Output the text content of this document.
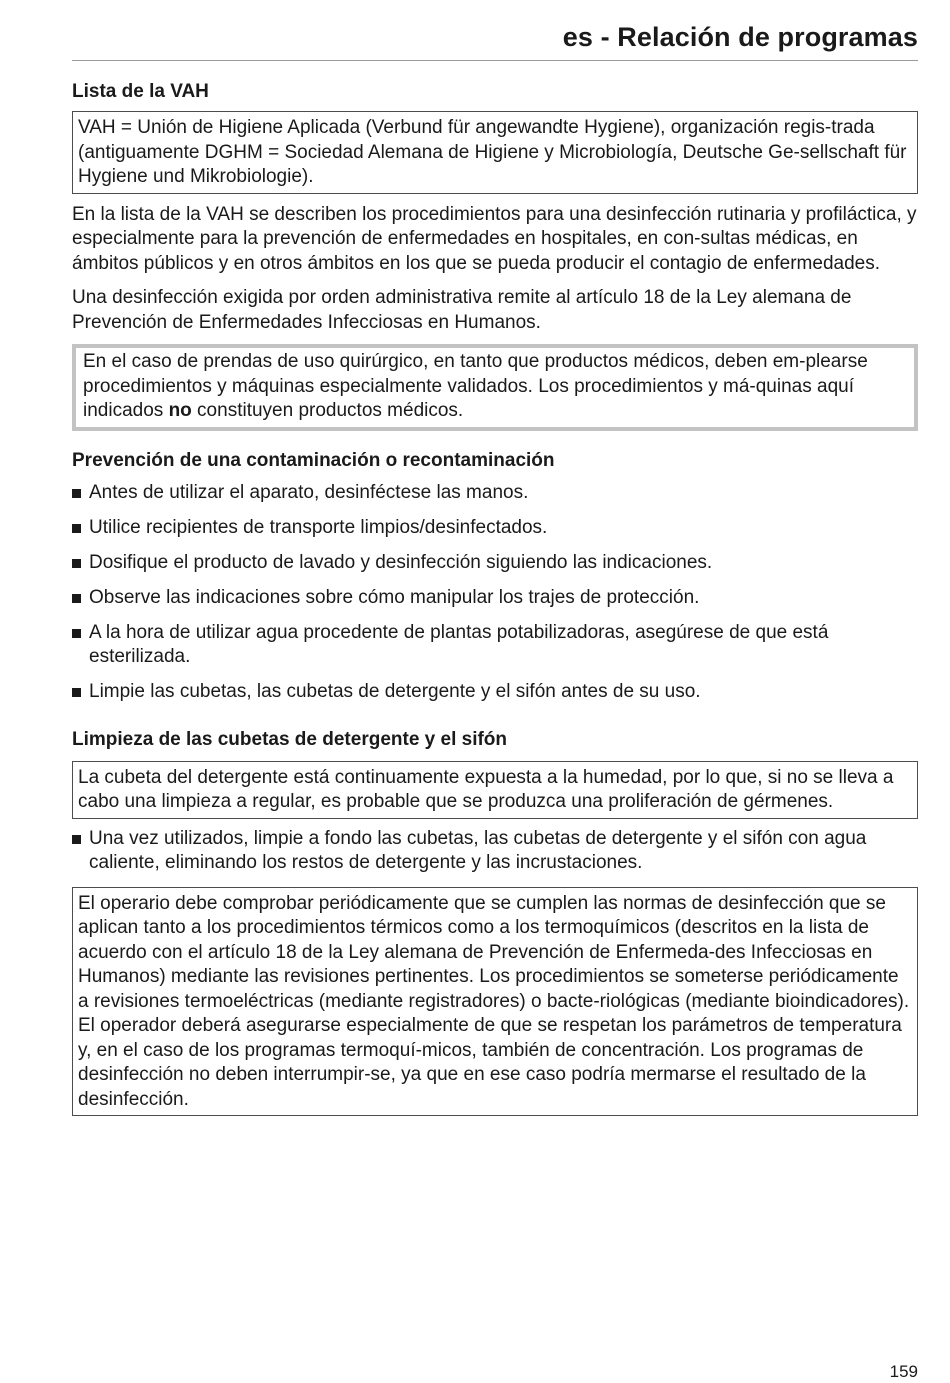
es - Relación de programas
Lista de la VAH
VAH = Unión de Higiene Aplicada (Verbund für angewandte Hygiene), organización regis-trada
(antiguamente DGHM = Sociedad Alemana de Higiene y Microbiología, Deutsche Ge-sellschaft für Hygiene und Mikrobiologie).

En la lista de la VAH se describen los procedimientos para una desinfección rutinaria y profiláctica, y especialmente para la prevención de enfermedades en hospitales, en con-sultas médicas, en ámbitos públicos y en otros ámbitos en los que se pueda producir el contagio de enfermedades.

Una desinfección exigida por orden administrativa remite al artículo 18 de la Ley alemana de Prevención de Enfermedades Infecciosas en Humanos.

En el caso de prendas de uso quirúrgico, en tanto que productos médicos, deben em-plearse procedimientos y máquinas especialmente validados. Los procedimientos y má-quinas aquí indicados no constituyen productos médicos.
Prevención de una contaminación o recontaminación
Antes de utilizar el aparato, desinféctese las manos.
Utilice recipientes de transporte limpios/desinfectados.
Dosifique el producto de lavado y desinfección siguiendo las indicaciones.
Observe las indicaciones sobre cómo manipular los trajes de protección.
A la hora de utilizar agua procedente de plantas potabilizadoras, asegúrese de que está esterilizada.
Limpie las cubetas, las cubetas de detergente y el sifón antes de su uso.
Limpieza de las cubetas de detergente y el sifón
La cubeta del detergente está continuamente expuesta a la humedad, por lo que, si no se lleva a cabo una limpieza a regular, es probable que se produzca una proliferación de gérmenes.
Una vez utilizados, limpie a fondo las cubetas, las cubetas de detergente y el sifón con agua caliente, eliminando los restos de detergente y las incrustaciones.
El operario debe comprobar periódicamente que se cumplen las normas de desinfección que se aplican tanto a los procedimientos térmicos como a los termoquímicos (descritos en la lista de acuerdo con el artículo 18 de la Ley alemana de Prevención de Enfermeda-des Infecciosas en Humanos) mediante las revisiones pertinentes. Los procedimientos se someterse periódicamente a revisiones termoeléctricas (mediante registradores) o bacte-riológicas (mediante bioindicadores). El operador deberá asegurarse especialmente de que se respetan los parámetros de temperatura y, en el caso de los programas termoquí-micos, también de concentración. Los programas de desinfección no deben interrumpir-se, ya que en ese caso podría mermarse el resultado de la desinfección.
159
